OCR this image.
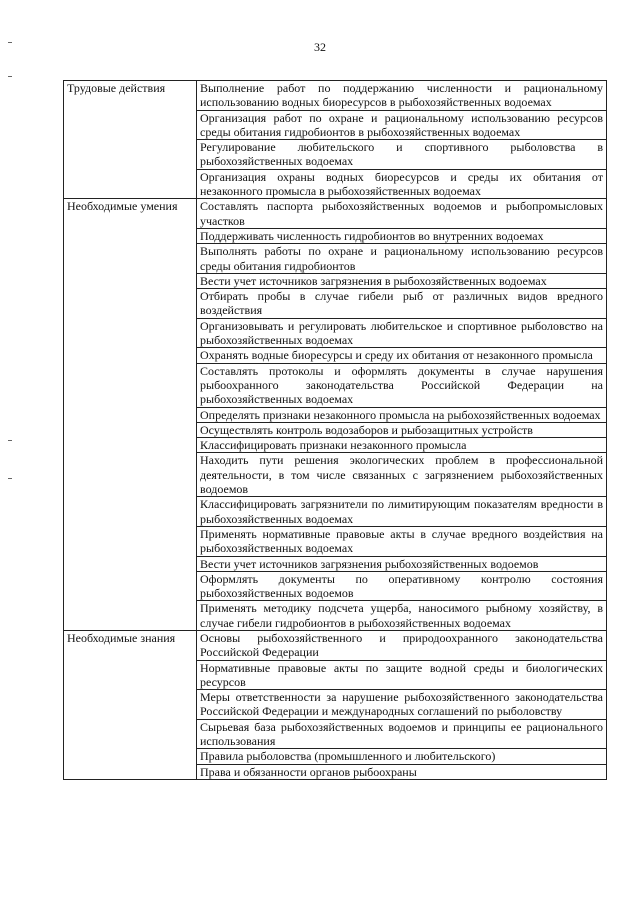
32
Трудовые действия	Выполнение работ по поддержанию численности и рациональному использованию водных биоресурсов в рыбохозяйственных водоемах
	Организация работ по охране и рациональному использованию ресурсов среды обитания гидробионтов в рыбохозяйственных водоемах
	Регулирование любительского и спортивного рыболовства в рыбохозяйственных водоемах
	Организация охраны водных биоресурсов и среды их обитания от незаконного промысла в рыбохозяйственных водоемах
Необходимые умения	Составлять паспорта рыбохозяйственных водоемов и рыбопромысловых участков
	Поддерживать численность гидробионтов во внутренних водоемах
	Выполнять работы по охране и рациональному использованию ресурсов среды обитания гидробионтов
	Вести учет источников загрязнения в рыбохозяйственных водоемах
	Отбирать пробы в случае гибели рыб от различных видов вредного воздействия
	Организовывать и регулировать любительское и спортивное рыболовство на рыбохозяйственных водоемах
	Охранять водные биоресурсы и среду их обитания от незаконного промысла
	Составлять протоколы и оформлять документы в случае нарушения рыбоохранного законодательства Российской Федерации на рыбохозяйственных водоемах
	Определять признаки незаконного промысла на рыбохозяйственных водоемах
	Осуществлять контроль водозаборов и рыбозащитных устройств
	Классифицировать признаки незаконного промысла
	Находить пути решения экологических проблем в профессиональной деятельности, в том числе связанных с загрязнением рыбохозяйственных водоемов
	Классифицировать загрязнители по лимитирующим показателям вредности в рыбохозяйственных водоемах
	Применять нормативные правовые акты в случае вредного воздействия на рыбохозяйственных водоемах
	Вести учет источников загрязнения рыбохозяйственных водоемов
	Оформлять документы по оперативному контролю состояния рыбохозяйственных водоемов
	Применять методику подсчета ущерба, наносимого рыбному хозяйству, в случае гибели гидробионтов в рыбохозяйственных водоемах
Необходимые знания	Основы рыбохозяйственного и природоохранного законодательства Российской Федерации
	Нормативные правовые акты по защите водной среды и биологических ресурсов
	Меры ответственности за нарушение рыбохозяйственного законодательства Российской Федерации и международных соглашений по рыболовству
	Сырьевая база рыбохозяйственных водоемов и принципы ее рационального использования
	Правила рыболовства (промышленного и любительского)
	Права и обязанности органов рыбоохраны
